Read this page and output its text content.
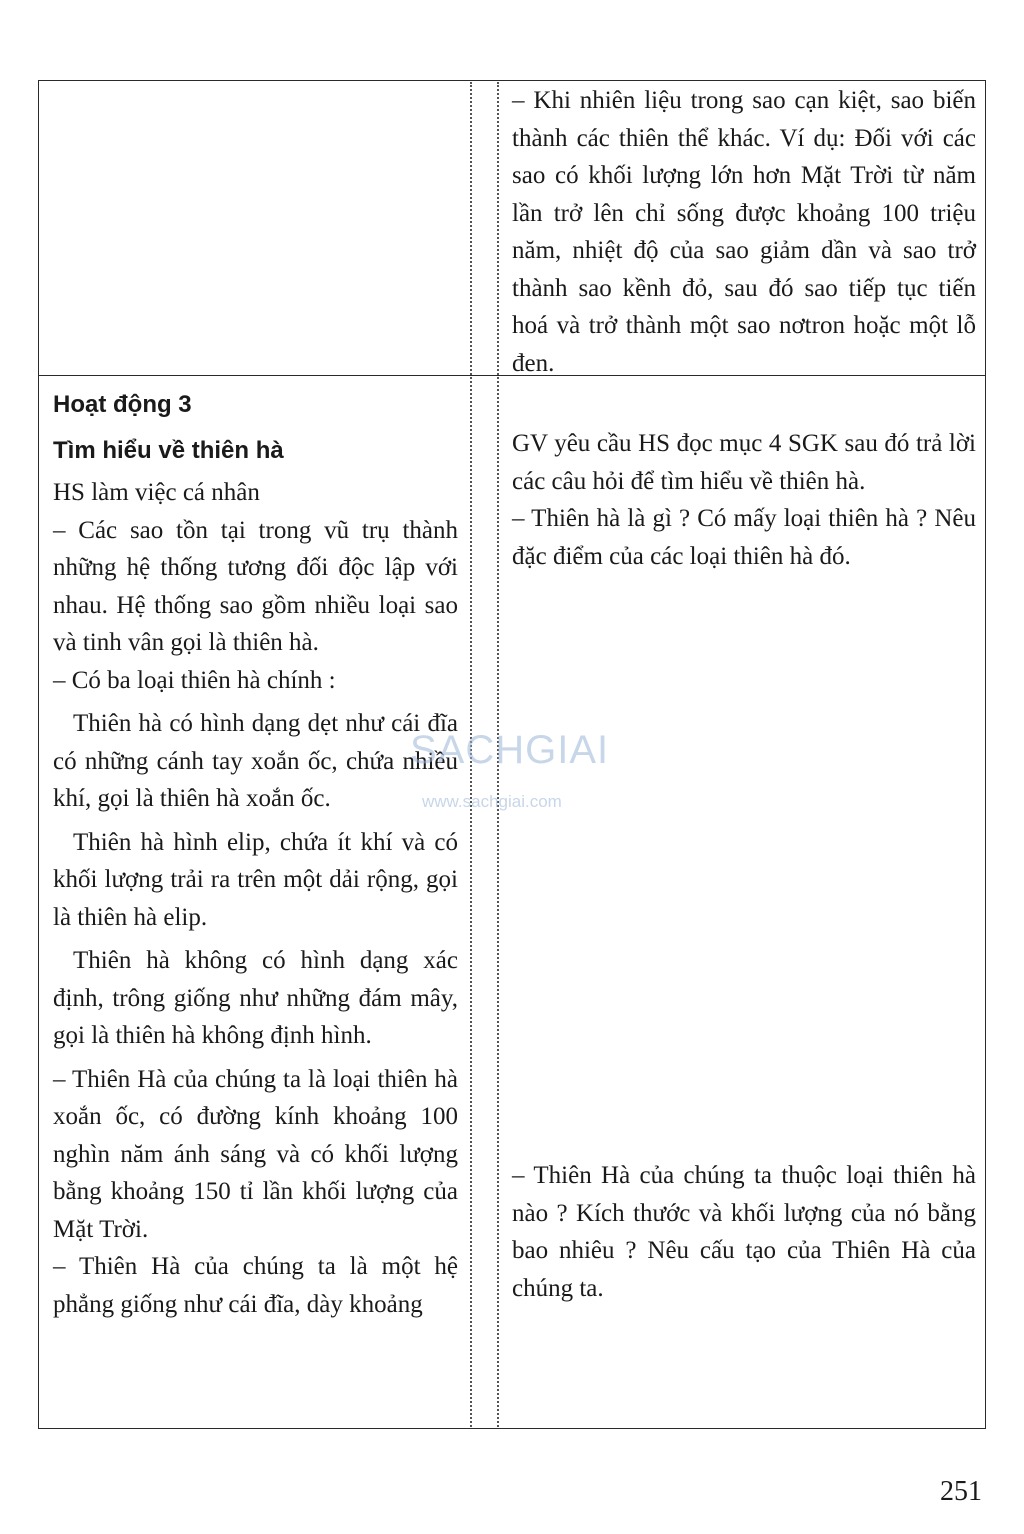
– Khi nhiên liệu trong sao cạn kiệt, sao biến thành các thiên thể khác. Ví dụ: Đối với các sao có khối lượng lớn hơn Mặt Trời từ năm lần trở lên chỉ sống được khoảng 100 triệu năm, nhiệt độ của sao giảm dần và sao trở thành sao kềnh đỏ, sau đó sao tiếp tục tiến hoá và trở thành một sao nơtron hoặc một lỗ đen.

Hoạt động 3

Tìm hiểu về thiên hà

HS làm việc cá nhân

– Các sao tồn tại trong vũ trụ thành những hệ thống tương đối độc lập với nhau. Hệ thống sao gồm nhiều loại sao và tinh vân gọi là thiên hà.

– Có ba loại thiên hà chính :

Thiên hà có hình dạng dẹt như cái đĩa có những cánh tay xoắn ốc, chứa nhiều khí, gọi là thiên hà xoắn ốc.

Thiên hà hình elip, chứa ít khí và có khối lượng trải ra trên một dải rộng, gọi là thiên hà elip.

Thiên hà không có hình dạng xác định, trông giống như những đám mây, gọi là thiên hà không định hình.

– Thiên Hà của chúng ta là loại thiên hà xoắn ốc, có đường kính khoảng 100 nghìn năm ánh sáng và có khối lượng bằng khoảng 150 tỉ lần khối lượng của Mặt Trời.

– Thiên Hà của chúng ta là một hệ phẳng giống như cái đĩa, dày khoảng

GV yêu cầu HS đọc mục 4 SGK sau đó trả lời các câu hỏi để tìm hiểu về thiên hà.

– Thiên hà là gì ? Có mấy loại thiên hà ? Nêu đặc điểm của các loại thiên hà đó.

– Thiên Hà của chúng ta thuộc loại thiên hà nào ? Kích thước và khối lượng của nó bằng bao nhiêu ? Nêu cấu tạo của Thiên Hà của chúng ta.

SACHGIAI
www.sachgiai.com
251
